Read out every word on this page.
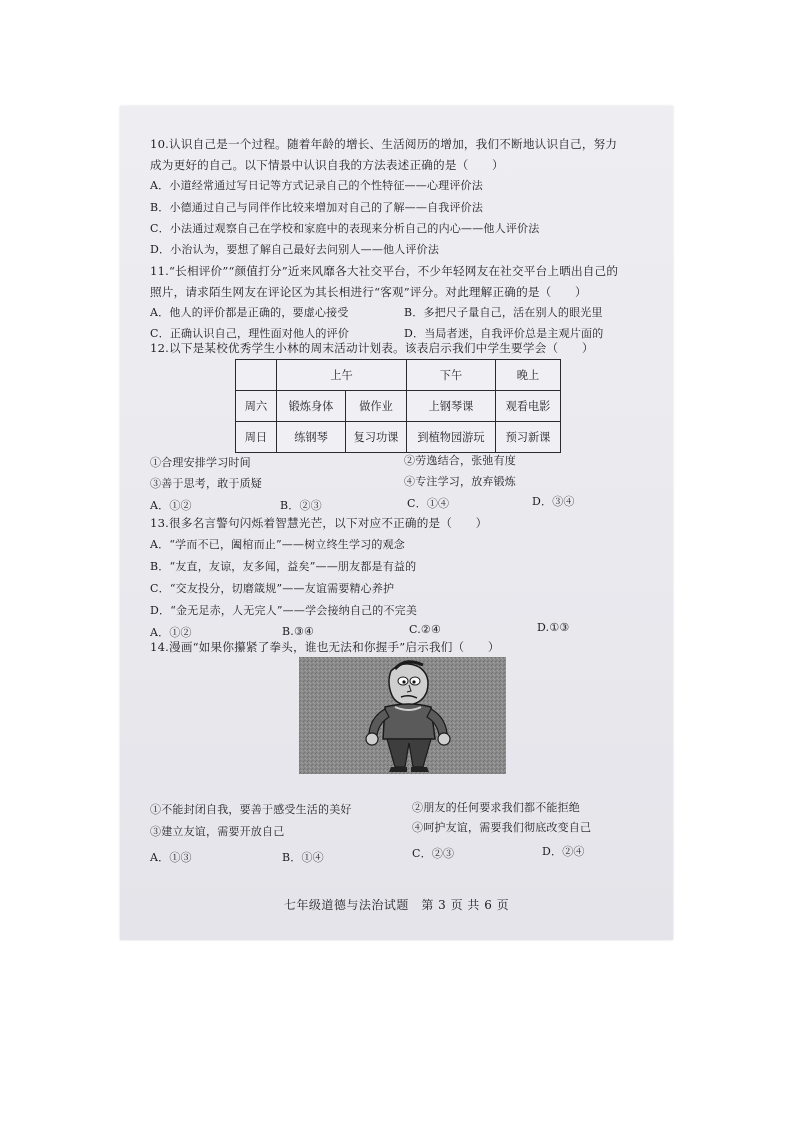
10.认识自己是一个过程。随着年龄的增长、生活阅历的增加，我们不断地认识自己，努力
成为更好的自己。以下情景中认识自我的方法表述正确的是（　　）
A．小道经常通过写日记等方式记录自己的个性特征——心理评价法
B．小德通过自己与同伴作比较来增加对自己的了解——自我评价法
C．小法通过观察自己在学校和家庭中的表现来分析自己的内心——他人评价法
D．小治认为，要想了解自己最好去问别人——他人评价法
11.“长相评价”“颜值打分”近来风靡各大社交平台，不少年轻网友在社交平台上晒出自己的
照片，请求陌生网友在评论区为其长相进行“客观”评分。对此理解正确的是（　　）
A．他人的评价都是正确的，要虚心接受	B．多把尺子量自己，活在别人的眼光里
C．正确认识自己，理性面对他人的评价	D．当局者迷，自我评价总是主观片面的
12.以下是某校优秀学生小林的周末活动计划表。该表启示我们中学生要学会（　　）
	上午		下午	晚上
周六	锻炼身体	做作业	上钢琴课	观看电影
周日	练钢琴	复习功课	到植物园游玩	预习新课
①合理安排学习时间	②劳逸结合，张弛有度
③善于思考，敢于质疑	④专注学习，放弃锻炼
A．①②	B．②③	C．①④	D．③④
13.很多名言警句闪烁着智慧光芒，以下对应不正确的是（　　）
A．“学而不已，阖棺而止”——树立终生学习的观念
B．“友直，友谅，友多闻，益矣”——朋友都是有益的
C．“交友投分，切磨箴规”——友谊需要精心养护
D．“金无足赤，人无完人”——学会接纳自己的不完美
A．①②	B.③④	C.②④	D.①③
14.漫画“如果你攥紧了拳头，谁也无法和你握手”启示我们（　　）
①不能封闭自我，要善于感受生活的美好	②朋友的任何要求我们都不能拒绝
③建立友谊，需要开放自己	④呵护友谊，需要我们彻底改变自己
A．①③	B．①④	C．②③	D．②④
七年级道德与法治试题　第 3 页 共 6 页
